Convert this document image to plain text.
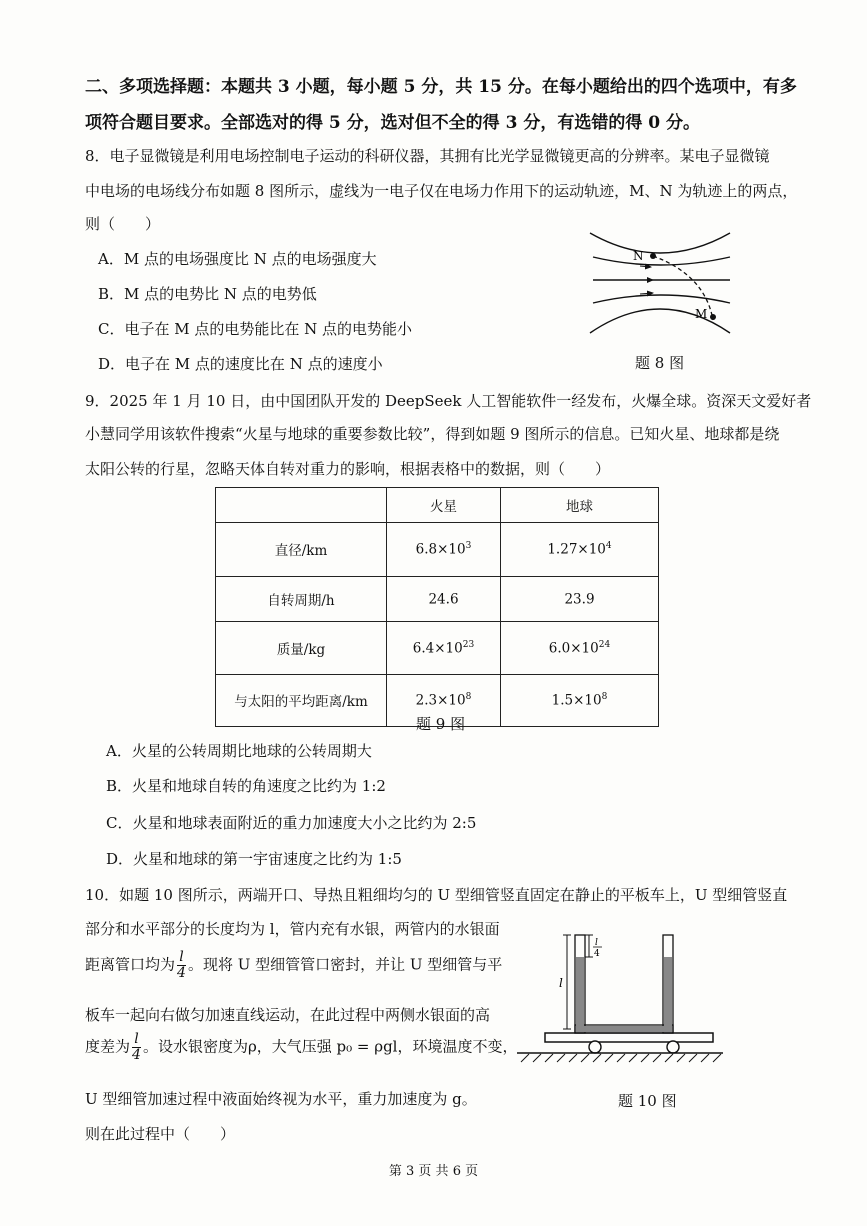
二、多项选择题：本题共 3 小题，每小题 5 分，共 15 分。在每小题给出的四个选项中，有多
项符合题目要求。全部选对的得 5 分，选对但不全的得 3 分，有选错的得 0 分。
8．电子显微镜是利用电场控制电子运动的科研仪器，其拥有比光学显微镜更高的分辨率。某电子显微镜
中电场的电场线分布如题 8 图所示，虚线为一电子仅在电场力作用下的运动轨迹，M、N 为轨迹上的两点，
则（　　）
A．M 点的电场强度比 N 点的电场强度大
B．M 点的电势比 N 点的电势低
C．电子在 M 点的电势能比在 N 点的电势能小
D．电子在 M 点的速度比在 N 点的速度小
N
M
题 8 图
9．2025 年 1 月 10 日，由中国团队开发的 DeepSeek 人工智能软件一经发布，火爆全球。资深天文爱好者
小慧同学用该软件搜索“火星与地球的重要参数比较”，得到如题 9 图所示的信息。已知火星、地球都是绕
太阳公转的行星，忽略天体自转对重力的影响，根据表格中的数据，则（　　）
	火星	地球
直径/km	$6.8\times 10^3$	$1.27\times 10^4$
自转周期/h	24.6	23.9
质量/kg	$6.4\times 10^{23}$	$6.0\times 10^{24}$
与太阳的平均距离/km	$2.3\times 10^8$	$1.5\times 10^8$
题 9 图
A．火星的公转周期比地球的公转周期大
B．火星和地球自转的角速度之比约为 1:2
C．火星和地球表面附近的重力加速度大小之比约为 2:5
D．火星和地球的第一宇宙速度之比约为 1:5
10．如题 10 图所示，两端开口、导热且粗细均匀的 U 型细管竖直固定在静止的平板车上，U 型细管竖直
部分和水平部分的长度均为 l，管内充有水银，两管内的水银面
距离管口均为 $\frac{l}{4}$ 。现将 U 型细管管口密封，并让 U 型细管与平
板车一起向右做匀加速直线运动，在此过程中两侧水银面的高
度差为 $\frac{l}{4}$ 。设水银密度为ρ，大气压强 p₀ = ρgl，环境温度不变，
U 型细管加速过程中液面始终视为水平，重力加速度为 g。
则在此过程中（　　）
l
l
4
题 10 图
第 3 页 共 6 页
